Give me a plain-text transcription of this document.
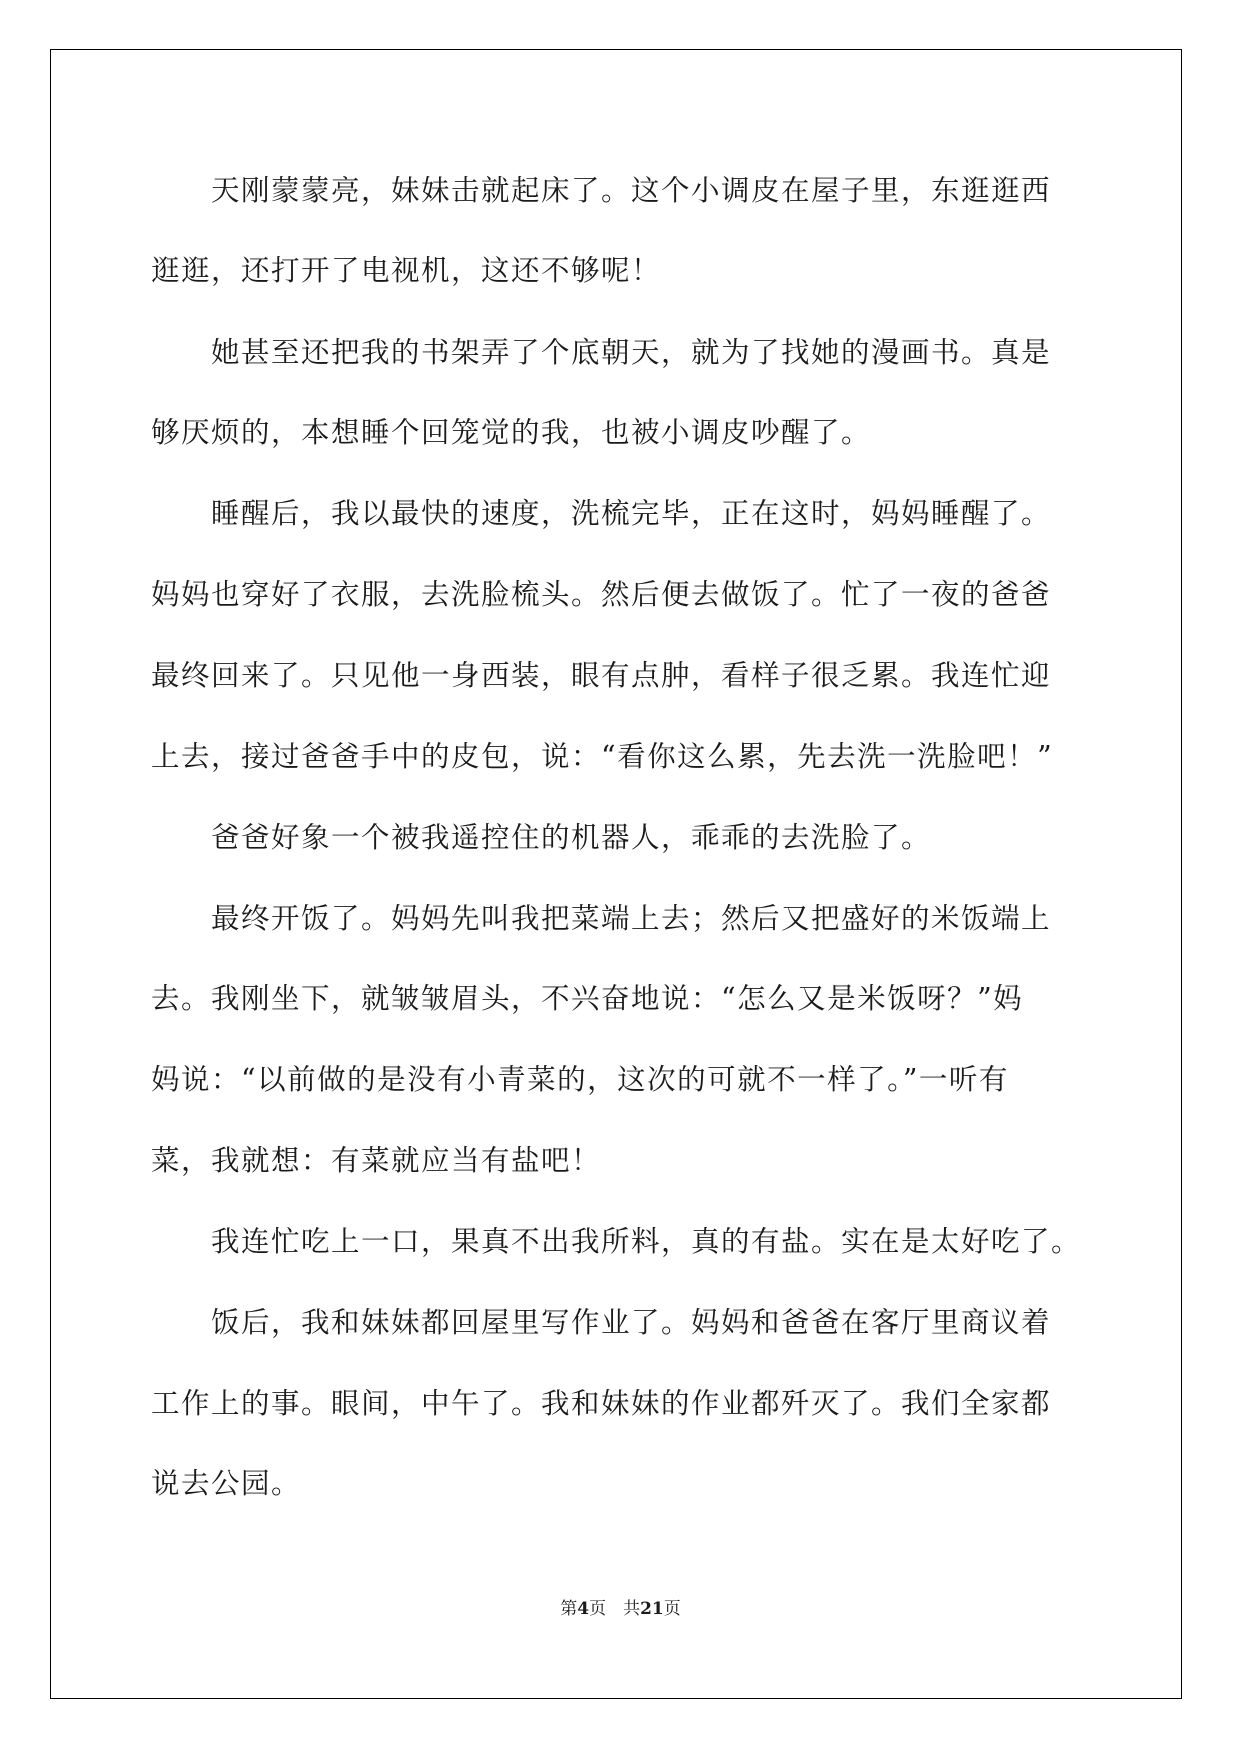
　　天刚蒙蒙亮，妹妹击就起床了。这个小调皮在屋子里，东逛逛西
逛逛，还打开了电视机，这还不够呢！
　　她甚至还把我的书架弄了个底朝天，就为了找她的漫画书。真是
够厌烦的，本想睡个回笼觉的我，也被小调皮吵醒了。
　　睡醒后，我以最快的速度，洗梳完毕，正在这时，妈妈睡醒了。
妈妈也穿好了衣服，去洗脸梳头。然后便去做饭了。忙了一夜的爸爸
最终回来了。只见他一身西装，眼有点肿，看样子很乏累。我连忙迎
上去，接过爸爸手中的皮包，说：“看你这么累，先去洗一洗脸吧！”
　　爸爸好象一个被我遥控住的机器人，乖乖的去洗脸了。
　　最终开饭了。妈妈先叫我把菜端上去；然后又把盛好的米饭端上
去。我刚坐下，就皱皱眉头，不兴奋地说：“怎么又是米饭呀？”妈
妈说：“以前做的是没有小青菜的，这次的可就不一样了。”一听有
菜，我就想：有菜就应当有盐吧！
　　我连忙吃上一口，果真不出我所料，真的有盐。实在是太好吃了。
　　饭后，我和妹妹都回屋里写作业了。妈妈和爸爸在客厅里商议着
工作上的事。眼间，中午了。我和妹妹的作业都歼灭了。我们全家都
说去公园。
第4页　共21页
